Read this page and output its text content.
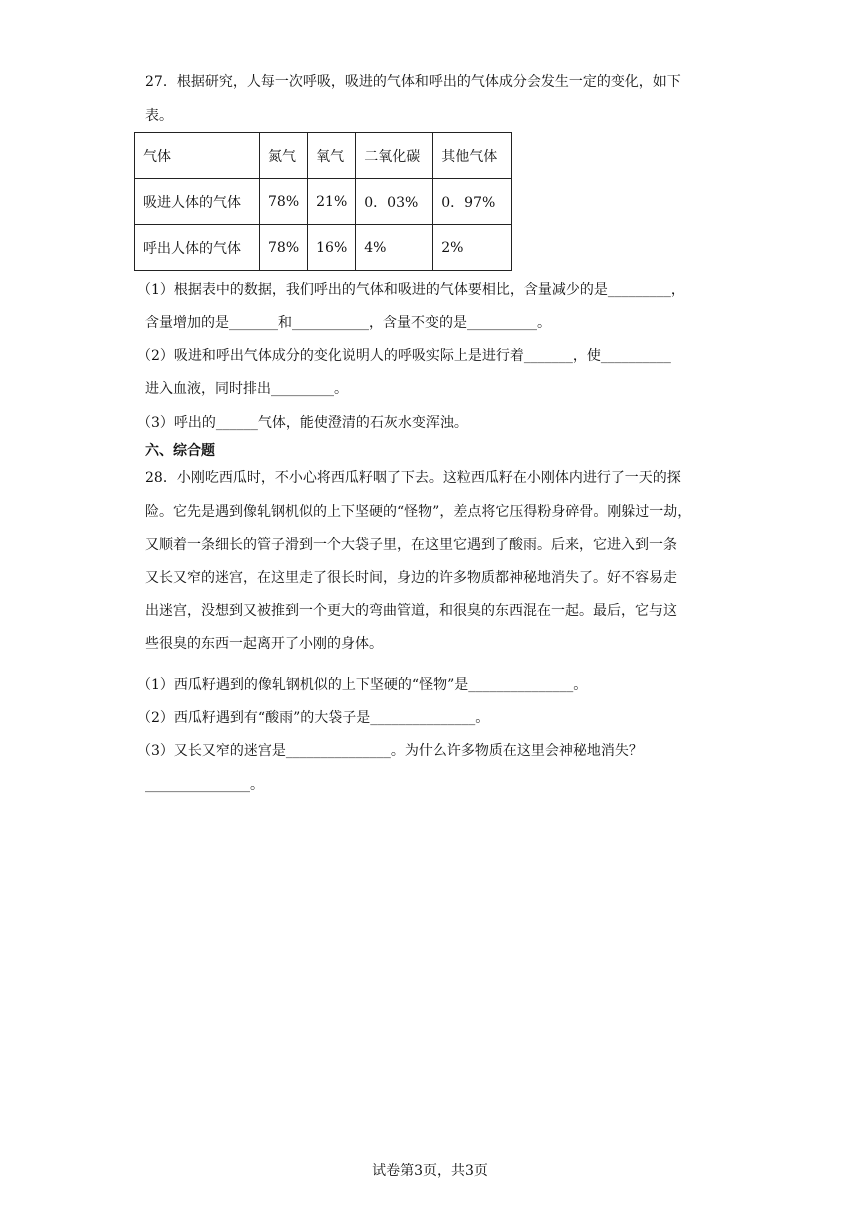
27．根据研究，人每一次呼吸，吸进的气体和呼出的气体成分会发生一定的变化，如下
表。
气体	氮气	氧气	二氧化碳	其他气体
吸进人体的气体	78%	21%	0．03%	0．97%
呼出人体的气体	78%	16%	4%	2%
（1）根据表中的数据，我们呼出的气体和吸进的气体要相比，含量减少的是_________，
含量增加的是_______和___________，含量不变的是__________。
（2）吸进和呼出气体成分的变化说明人的呼吸实际上是进行着_______，使__________
进入血液，同时排出_________。
（3）呼出的______气体，能使澄清的石灰水变浑浊。
六、综合题
28．小刚吃西瓜时，不小心将西瓜籽咽了下去。这粒西瓜籽在小刚体内进行了一天的探
险。它先是遇到像轧钢机似的上下坚硬的“怪物”，差点将它压得粉身碎骨。刚躲过一劫，
又顺着一条细长的管子滑到一个大袋子里，在这里它遇到了酸雨。后来，它进入到一条
又长又窄的迷宫，在这里走了很长时间，身边的许多物质都神秘地消失了。好不容易走
出迷宫，没想到又被推到一个更大的弯曲管道，和很臭的东西混在一起。最后，它与这
些很臭的东西一起离开了小刚的身体。
（1）西瓜籽遇到的像轧钢机似的上下坚硬的“怪物”是_______________。
（2）西瓜籽遇到有“酸雨”的大袋子是_______________。
（3）又长又窄的迷宫是_______________。为什么许多物质在这里会神秘地消失？
_______________。
试卷第3页，共3页
